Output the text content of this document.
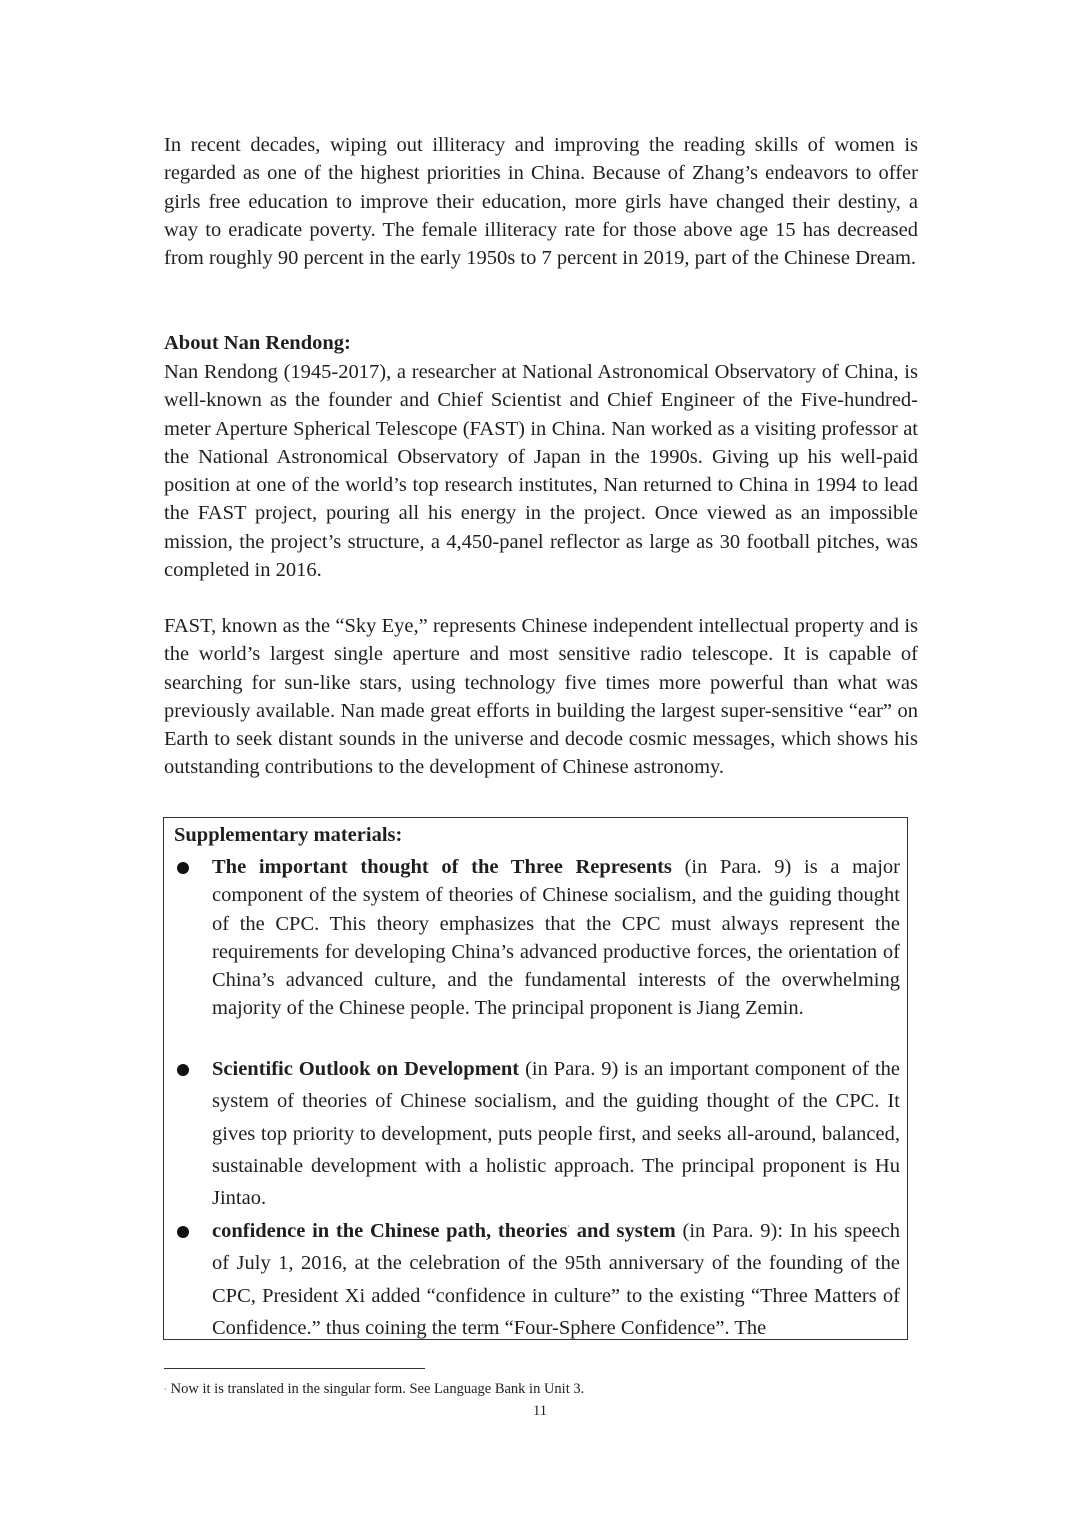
In recent decades, wiping out illiteracy and improving the reading skills of women is regarded as one of the highest priorities in China. Because of Zhang’s endeavors to offer girls free education to improve their education, more girls have changed their destiny, a way to eradicate poverty. The female illiteracy rate for those above age 15 has decreased from roughly 90 percent in the early 1950s to 7 percent in 2019, part of the Chinese Dream.

About Nan Rendong:

Nan Rendong (1945-2017), a researcher at National Astronomical Observatory of China, is well-known as the founder and Chief Scientist and Chief Engineer of the Five-hundred-meter Aperture Spherical Telescope (FAST) in China. Nan worked as a visiting professor at the National Astronomical Observatory of Japan in the 1990s. Giving up his well-paid position at one of the world’s top research institutes, Nan returned to China in 1994 to lead the FAST project, pouring all his energy in the project. Once viewed as an impossible mission, the project’s structure, a 4,450-panel reflector as large as 30 football pitches, was completed in 2016.

FAST, known as the “Sky Eye,” represents Chinese independent intellectual property and is the world’s largest single aperture and most sensitive radio telescope. It is capable of searching for sun-like stars, using technology five times more powerful than what was previously available. Nan made great efforts in building the largest super-sensitive “ear” on Earth to seek distant sounds in the universe and decode cosmic messages, which shows his outstanding contributions to the development of Chinese astronomy.

Supplementary materials:

The important thought of the Three Represents (in Para. 9) is a major component of the system of theories of Chinese socialism, and the guiding thought of the CPC. This theory emphasizes that the CPC must always represent the requirements for developing China’s advanced productive forces, the orientation of China’s advanced culture, and the fundamental interests of the overwhelming majority of the Chinese people. The principal proponent is Jiang Zemin.

Scientific Outlook on Development (in Para. 9) is an important component of the system of theories of Chinese socialism, and the guiding thought of the CPC. It gives top priority to development, puts people first, and seeks all-around, balanced, sustainable development with a holistic approach. The principal proponent is Hu Jintao.

confidence in the Chinese path, theories· and system (in Para. 9): In his speech of July 1, 2016, at the celebration of the 95th anniversary of the founding of the CPC, President Xi added “confidence in culture” to the existing “Three Matters of Confidence.” thus coining the term “Four-Sphere Confidence”. The

· Now it is translated in the singular form. See Language Bank in Unit 3.

11
